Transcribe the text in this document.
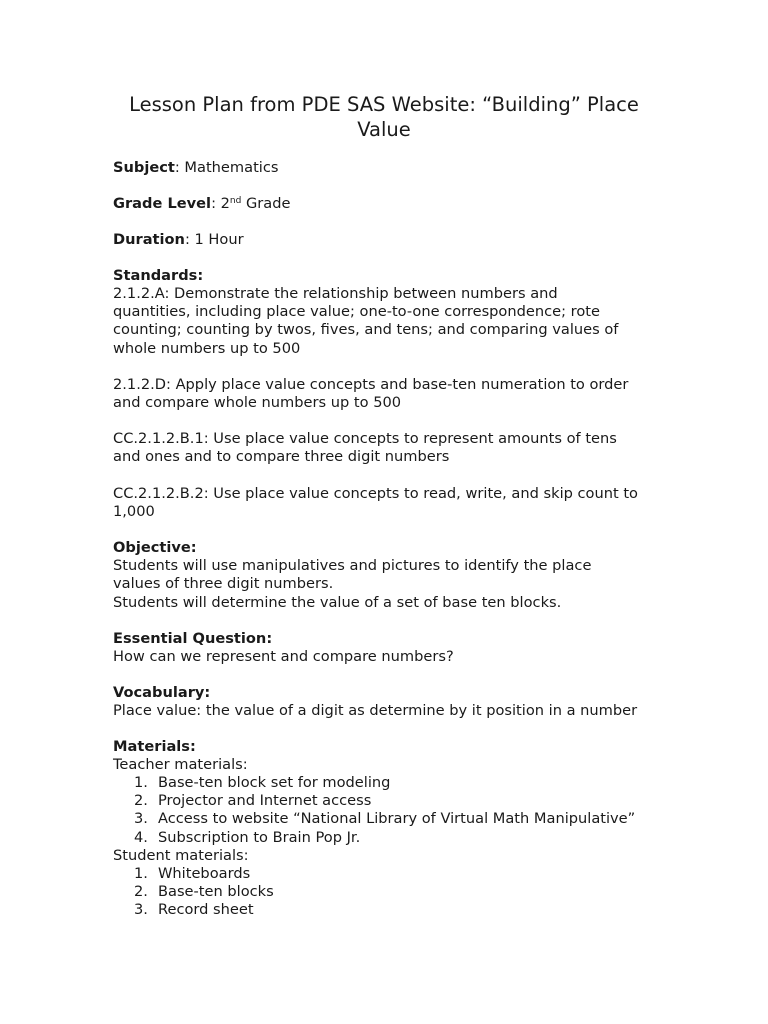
Lesson Plan from PDE SAS Website: “Building” Place
Value

Subject: Mathematics

Grade Level: 2nd Grade

Duration: 1 Hour

Standards:

2.1.2.A: Demonstrate the relationship between numbers and
quantities, including place value; one-to-one correspondence; rote
counting; counting by twos, fives, and tens; and comparing values of
whole numbers up to 500

2.1.2.D: Apply place value concepts and base-ten numeration to order
and compare whole numbers up to 500

CC.2.1.2.B.1: Use place value concepts to represent amounts of tens
and ones and to compare three digit numbers

CC.2.1.2.B.2: Use place value concepts to read, write, and skip count to
1,000

Objective:

Students will use manipulatives and pictures to identify the place
values of three digit numbers.

Students will determine the value of a set of base ten blocks.

Essential Question:

How can we represent and compare numbers?

Vocabulary:

Place value: the value of a digit as determine by it position in a number

Materials:

Teacher materials:

1. Base-ten block set for modeling
2. Projector and Internet access
3. Access to website “National Library of Virtual Math Manipulative”
4. Subscription to Brain Pop Jr.

Student materials:

1. Whiteboards
2. Base-ten blocks
3. Record sheet
